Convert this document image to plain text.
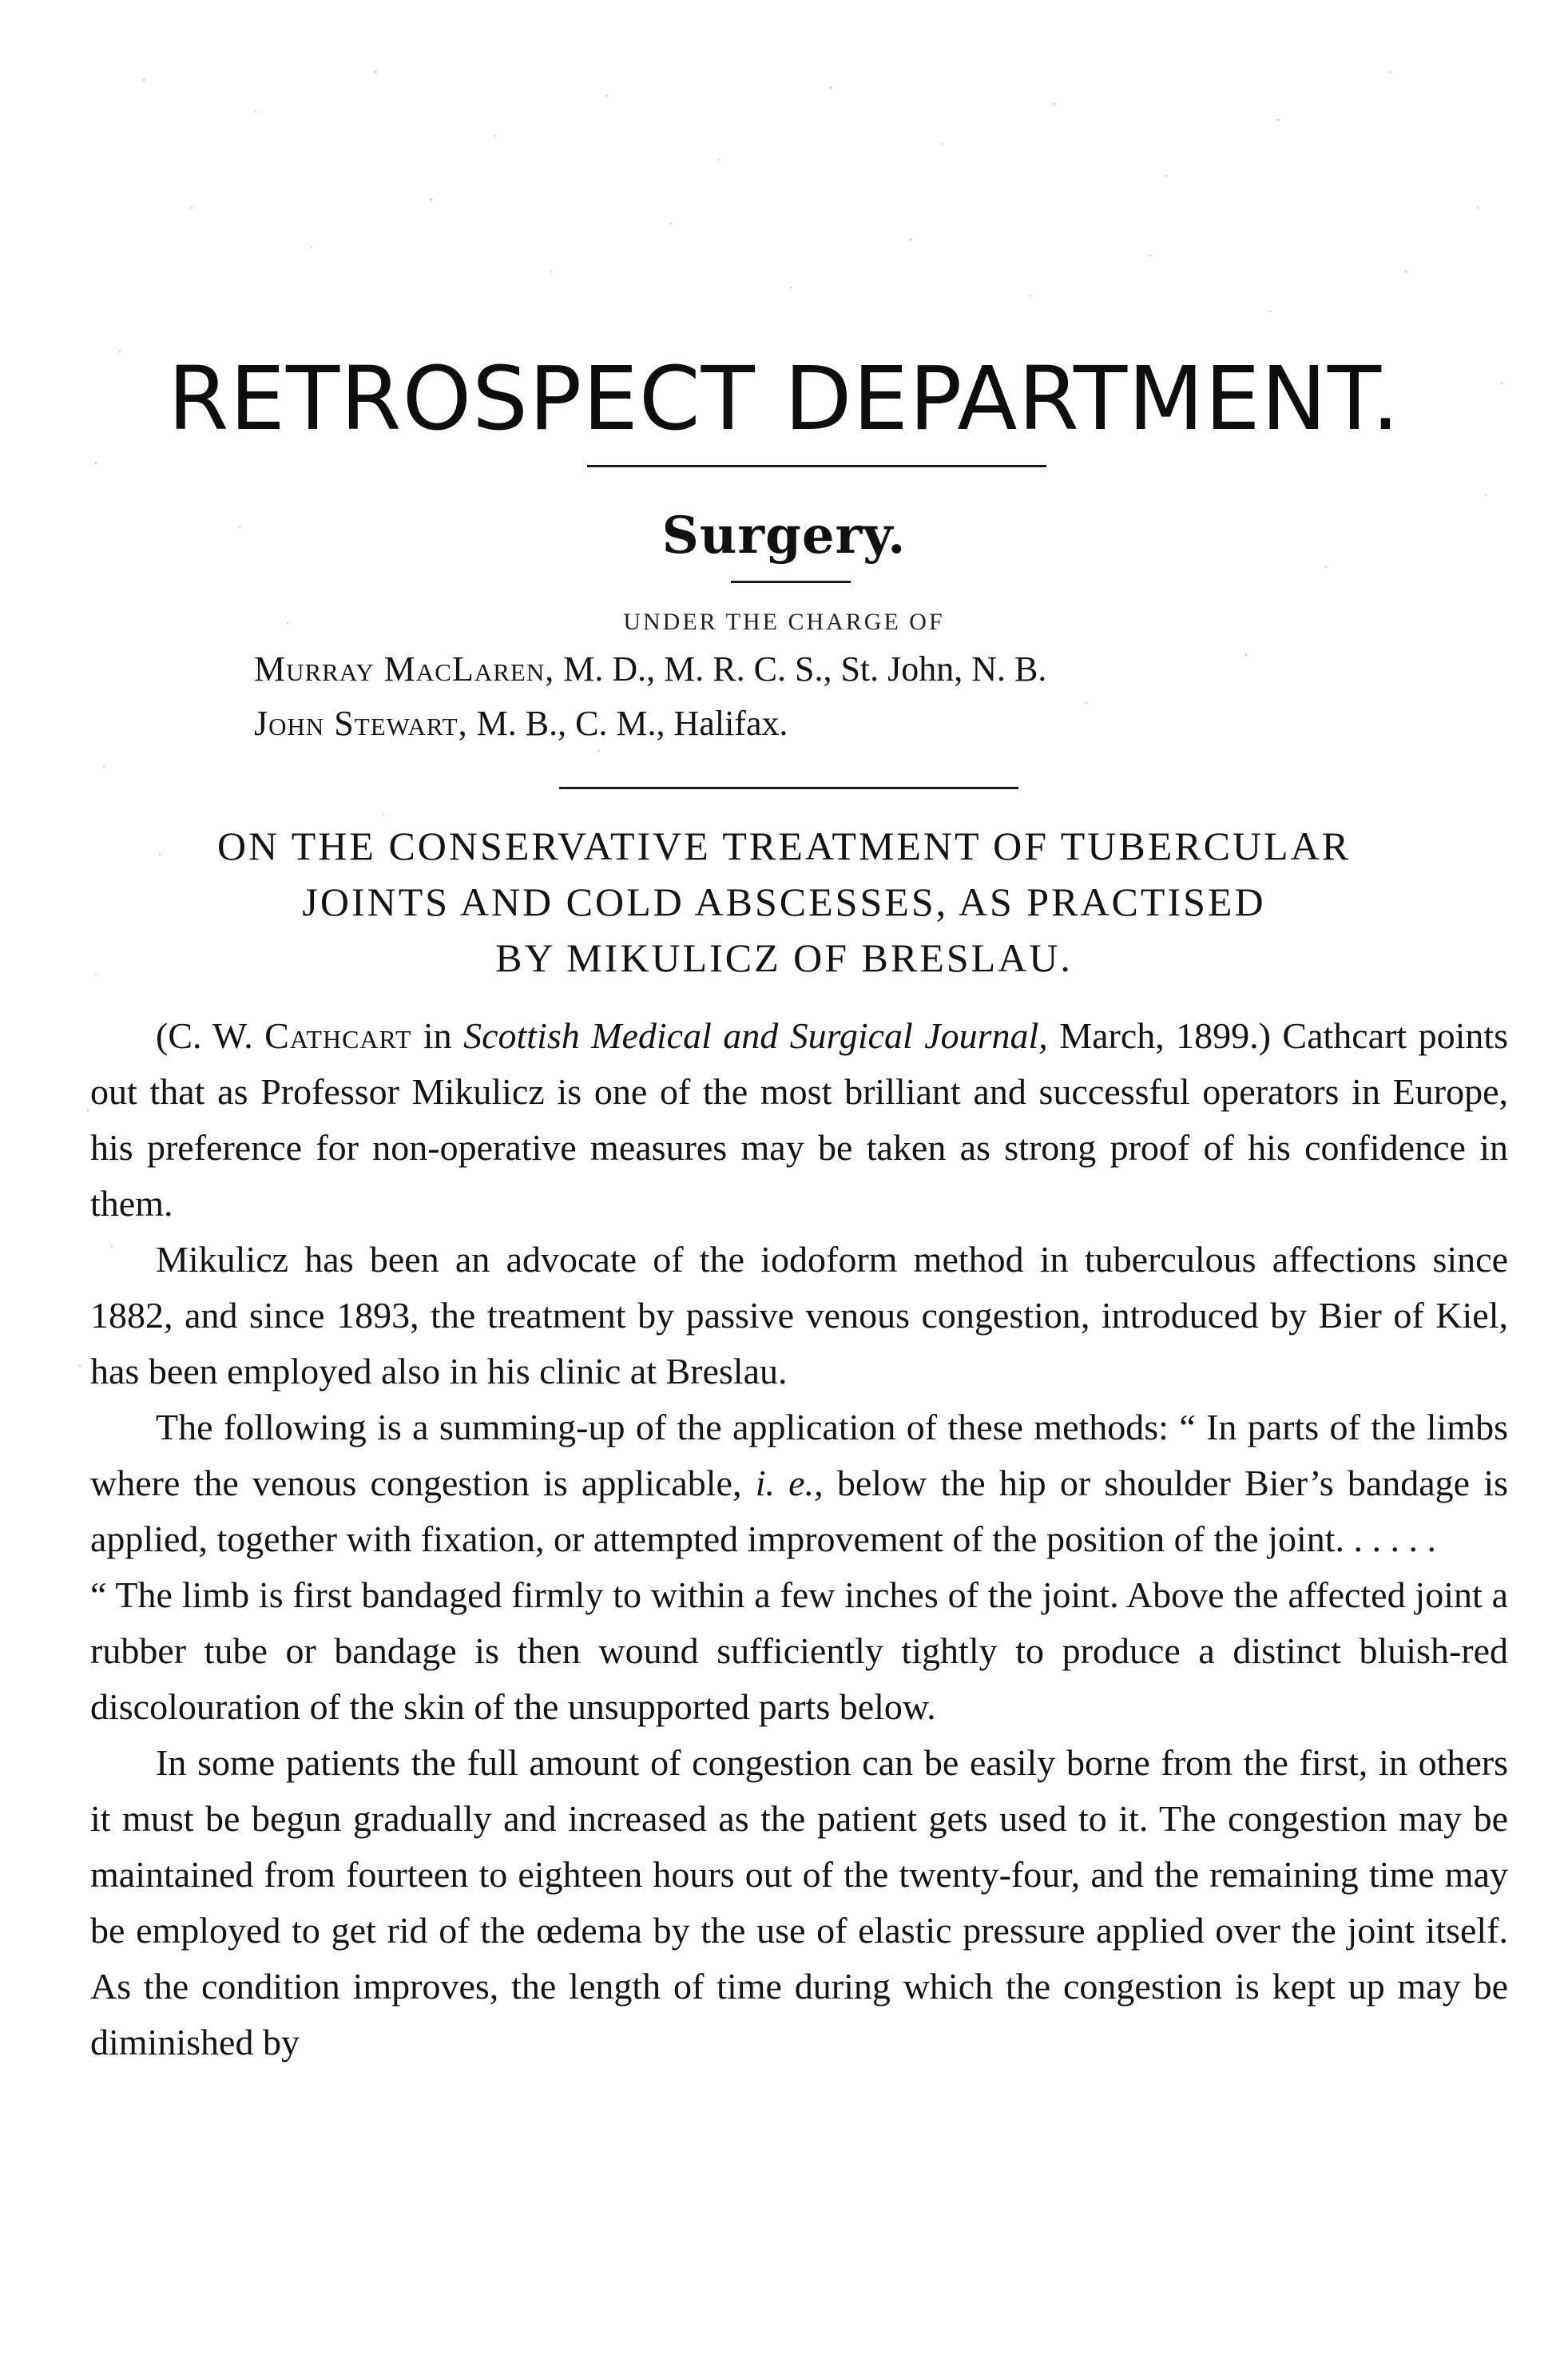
RETROSPECT DEPARTMENT.
Surgery.
UNDER THE CHARGE OF
Murray MacLaren, M. D., M. R. C. S., St. John, N. B.
John Stewart, M. B., C. M., Halifax.
ON THE CONSERVATIVE TREATMENT OF TUBERCULAR
JOINTS AND COLD ABSCESSES, AS PRACTISED
BY MIKULICZ OF BRESLAU.

(C. W. Cathcart in Scottish Medical and Surgical Journal, March, 1899.) Cathcart points out that as Professor Mikulicz is one of the most brilliant and successful operators in Europe, his preference for non-operative measures may be taken as strong proof of his confidence in them.

Mikulicz has been an advocate of the iodoform method in tuberculous affections since 1882, and since 1893, the treatment by passive venous congestion, introduced by Bier of Kiel, has been employed also in his clinic at Breslau.

The following is a summing-up of the application of these methods: “ In parts of the limbs where the venous congestion is applicable, i. e., below the hip or shoulder Bier’s bandage is applied, together with fixation, or attempted improvement of the position of the joint. . . . . .

“ The limb is first bandaged firmly to within a few inches of the joint. Above the affected joint a rubber tube or bandage is then wound sufficiently tightly to produce a distinct bluish-red discolouration of the skin of the unsupported parts below.

In some patients the full amount of congestion can be easily borne from the first, in others it must be begun gradually and increased as the patient gets used to it. The congestion may be maintained from fourteen to eighteen hours out of the twenty-four, and the remaining time may be employed to get rid of the œdema by the use of elastic pressure applied over the joint itself. As the condition improves, the length of time during which the congestion is kept up may be diminished by
